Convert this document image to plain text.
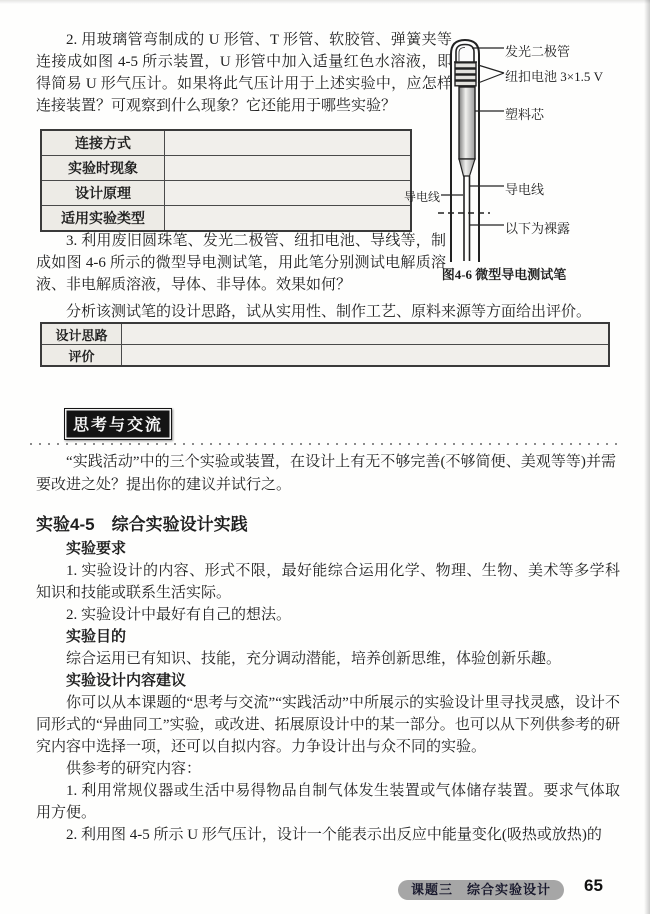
2. 用玻璃管弯制成的 U 形管、T 形管、软胶管、弹簧夹等连接成如图 4-5 所示装置，U 形管中加入适量红色水溶液，即得简易 U 形气压计。如果将此气压计用于上述实验中，应怎样连接装置？可观察到什么现象？它还能用于哪些实验？
连接方式	
实验时现象	
设计原理	
适用实验类型	
3. 利用废旧圆珠笔、发光二极管、纽扣电池、导线等，制成如图 4-6 所示的微型导电测试笔，用此笔分别测试电解质溶液、非电解质溶液，导体、非导体。效果如何？
分析该测试笔的设计思路，试从实用性、制作工艺、原料来源等方面给出评价。
设计思路	
评价	
发光二极管
纽扣电池 3×1.5 V
塑料芯
导电线
以下为裸露
导电线
图4-6 微型导电测试笔
思考与交流
“实践活动”中的三个实验或装置，在设计上有无不够完善(不够简便、美观等等)并需要改进之处？提出你的建议并试行之。
实验4-5　综合实验设计实践

实验要求

1. 实验设计的内容、形式不限，最好能综合运用化学、物理、生物、美术等多学科知识和技能或联系生活实际。

2. 实验设计中最好有自己的想法。

实验目的

综合运用已有知识、技能，充分调动潜能，培养创新思维，体验创新乐趣。

实验设计内容建议

你可以从本课题的“思考与交流”“实践活动”中所展示的实验设计里寻找灵感，设计不同形式的“异曲同工”实验，或改进、拓展原设计中的某一部分。也可以从下列供参考的研究内容中选择一项，还可以自拟内容。力争设计出与众不同的实验。

供参考的研究内容：

1. 利用常规仪器或生活中易得物品自制气体发生装置或气体储存装置。要求气体取用方便。

2. 利用图 4-5 所示 U 形气压计，设计一个能表示出反应中能量变化(吸热或放热)的

课题三　综合实验设计	65
